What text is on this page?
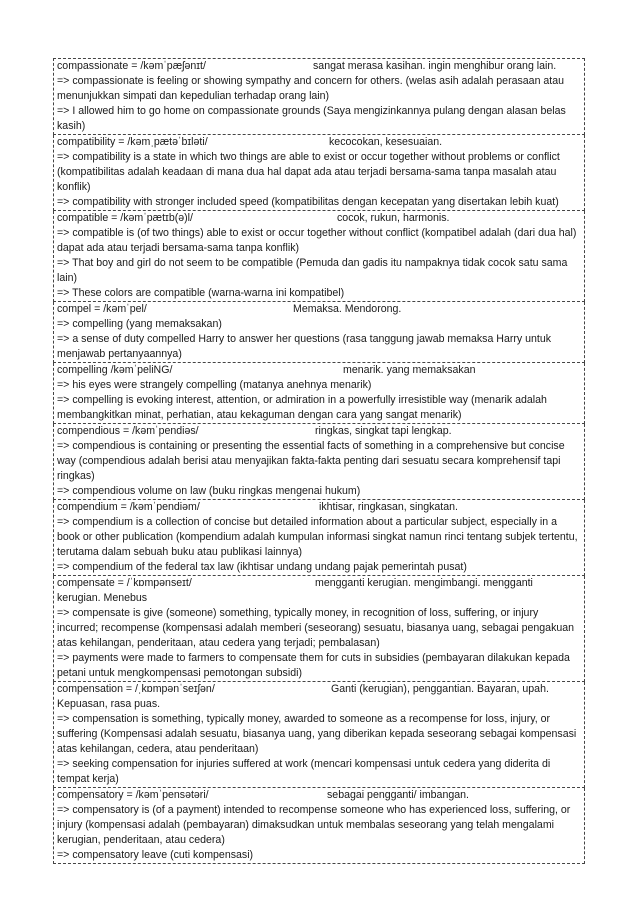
compassionate = /kəmˈpæʃənɪt/	sangat merasa kasihan. ingin menghibur orang lain.
=> compassionate is feeling or showing sympathy and concern for others. (welas asih adalah perasaan atau menunjukkan simpati dan kepedulian terhadap orang lain)
=> I allowed him to go home on compassionate grounds (Saya mengizinkannya pulang dengan alasan belas kasih)
compatibility = /kəmˌpætəˈbɪləti/	kecocokan, kesesuaian.
=> compatibility is a state in which two things are able to exist or occur together without problems or conflict (kompatibilitas adalah keadaan di mana dua hal dapat ada atau terjadi bersama-sama tanpa masalah atau konflik)
=> compatibility with stronger included speed (kompatibilitas dengan kecepatan yang disertakan lebih kuat)
compatible = /kəmˈpætɪb(ə)l/	cocok, rukun, harmonis.
=> compatible is (of two things) able to exist or occur together without conflict (kompatibel adalah (dari dua hal) dapat ada atau terjadi bersama-sama tanpa konflik)
=> That boy and girl do not seem to be compatible (Pemuda dan gadis itu nampaknya tidak cocok satu sama lain)
=> These colors are compatible (warna-warna ini kompatibel)
compel = /kəmˈpel/	Memaksa. Mendorong.
=> compelling (yang memaksakan)
=> a sense of duty compelled Harry to answer her questions (rasa tanggung jawab memaksa Harry untuk menjawab pertanyaannya)
compelling /kəmˈpeliNG/	menarik. yang memaksakan
=> his eyes were strangely compelling (matanya anehnya menarik)
=> compelling is evoking interest, attention, or admiration in a powerfully irresistible way (menarik adalah membangkitkan minat, perhatian, atau kekaguman dengan cara yang sangat menarik)
compendious = /kəmˈpendiəs/	ringkas, singkat tapi lengkap.
=> compendious is containing or presenting the essential facts of something in a comprehensive but concise way (compendious adalah berisi atau menyajikan fakta-fakta penting dari sesuatu secara komprehensif tapi ringkas)
=> compendious volume on law (buku ringkas mengenai hukum)
compendium = /kəmˈpendiəm/	ikhtisar, ringkasan, singkatan.
=> compendium is a collection of concise but detailed information about a particular subject, especially in a book or other publication (kompendium adalah kumpulan informasi singkat namun rinci tentang subjek tertentu, terutama dalam sebuah buku atau publikasi lainnya)
=> compendium of the federal tax law (ikhtisar undang undang pajak pemerintah pusat)
compensate = /ˈkɒmpənseɪt/	mengganti kerugian. mengimbangi. mengganti
kerugian. Menebus
=> compensate is give (someone) something, typically money, in recognition of loss, suffering, or injury incurred; recompense (kompensasi adalah memberi (seseorang) sesuatu, biasanya uang, sebagai pengakuan atas kehilangan, penderitaan, atau cedera yang terjadi; pembalasan)
=> payments were made to farmers to compensate them for cuts in subsidies (pembayaran dilakukan kepada petani untuk mengkompensasi pemotongan subsidi)
compensation = /ˌkɒmpənˈseɪʃən/	Ganti (kerugian), penggantian. Bayaran, upah.
Kepuasan, rasa puas.
=> compensation is something, typically money, awarded to someone as a recompense for loss, injury, or suffering (Kompensasi adalah sesuatu, biasanya uang, yang diberikan kepada seseorang sebagai kompensasi atas kehilangan, cedera, atau penderitaan)
=> seeking compensation for injuries suffered at work (mencari kompensasi untuk cedera yang diderita di tempat kerja)
compensatory = /kəmˈpensətəri/	sebagai pengganti/ imbangan.
=> compensatory is (of a payment) intended to recompense someone who has experienced loss, suffering, or injury (kompensasi adalah (pembayaran) dimaksudkan untuk membalas seseorang yang telah mengalami kerugian, penderitaan, atau cedera)
=> compensatory leave (cuti kompensasi)
